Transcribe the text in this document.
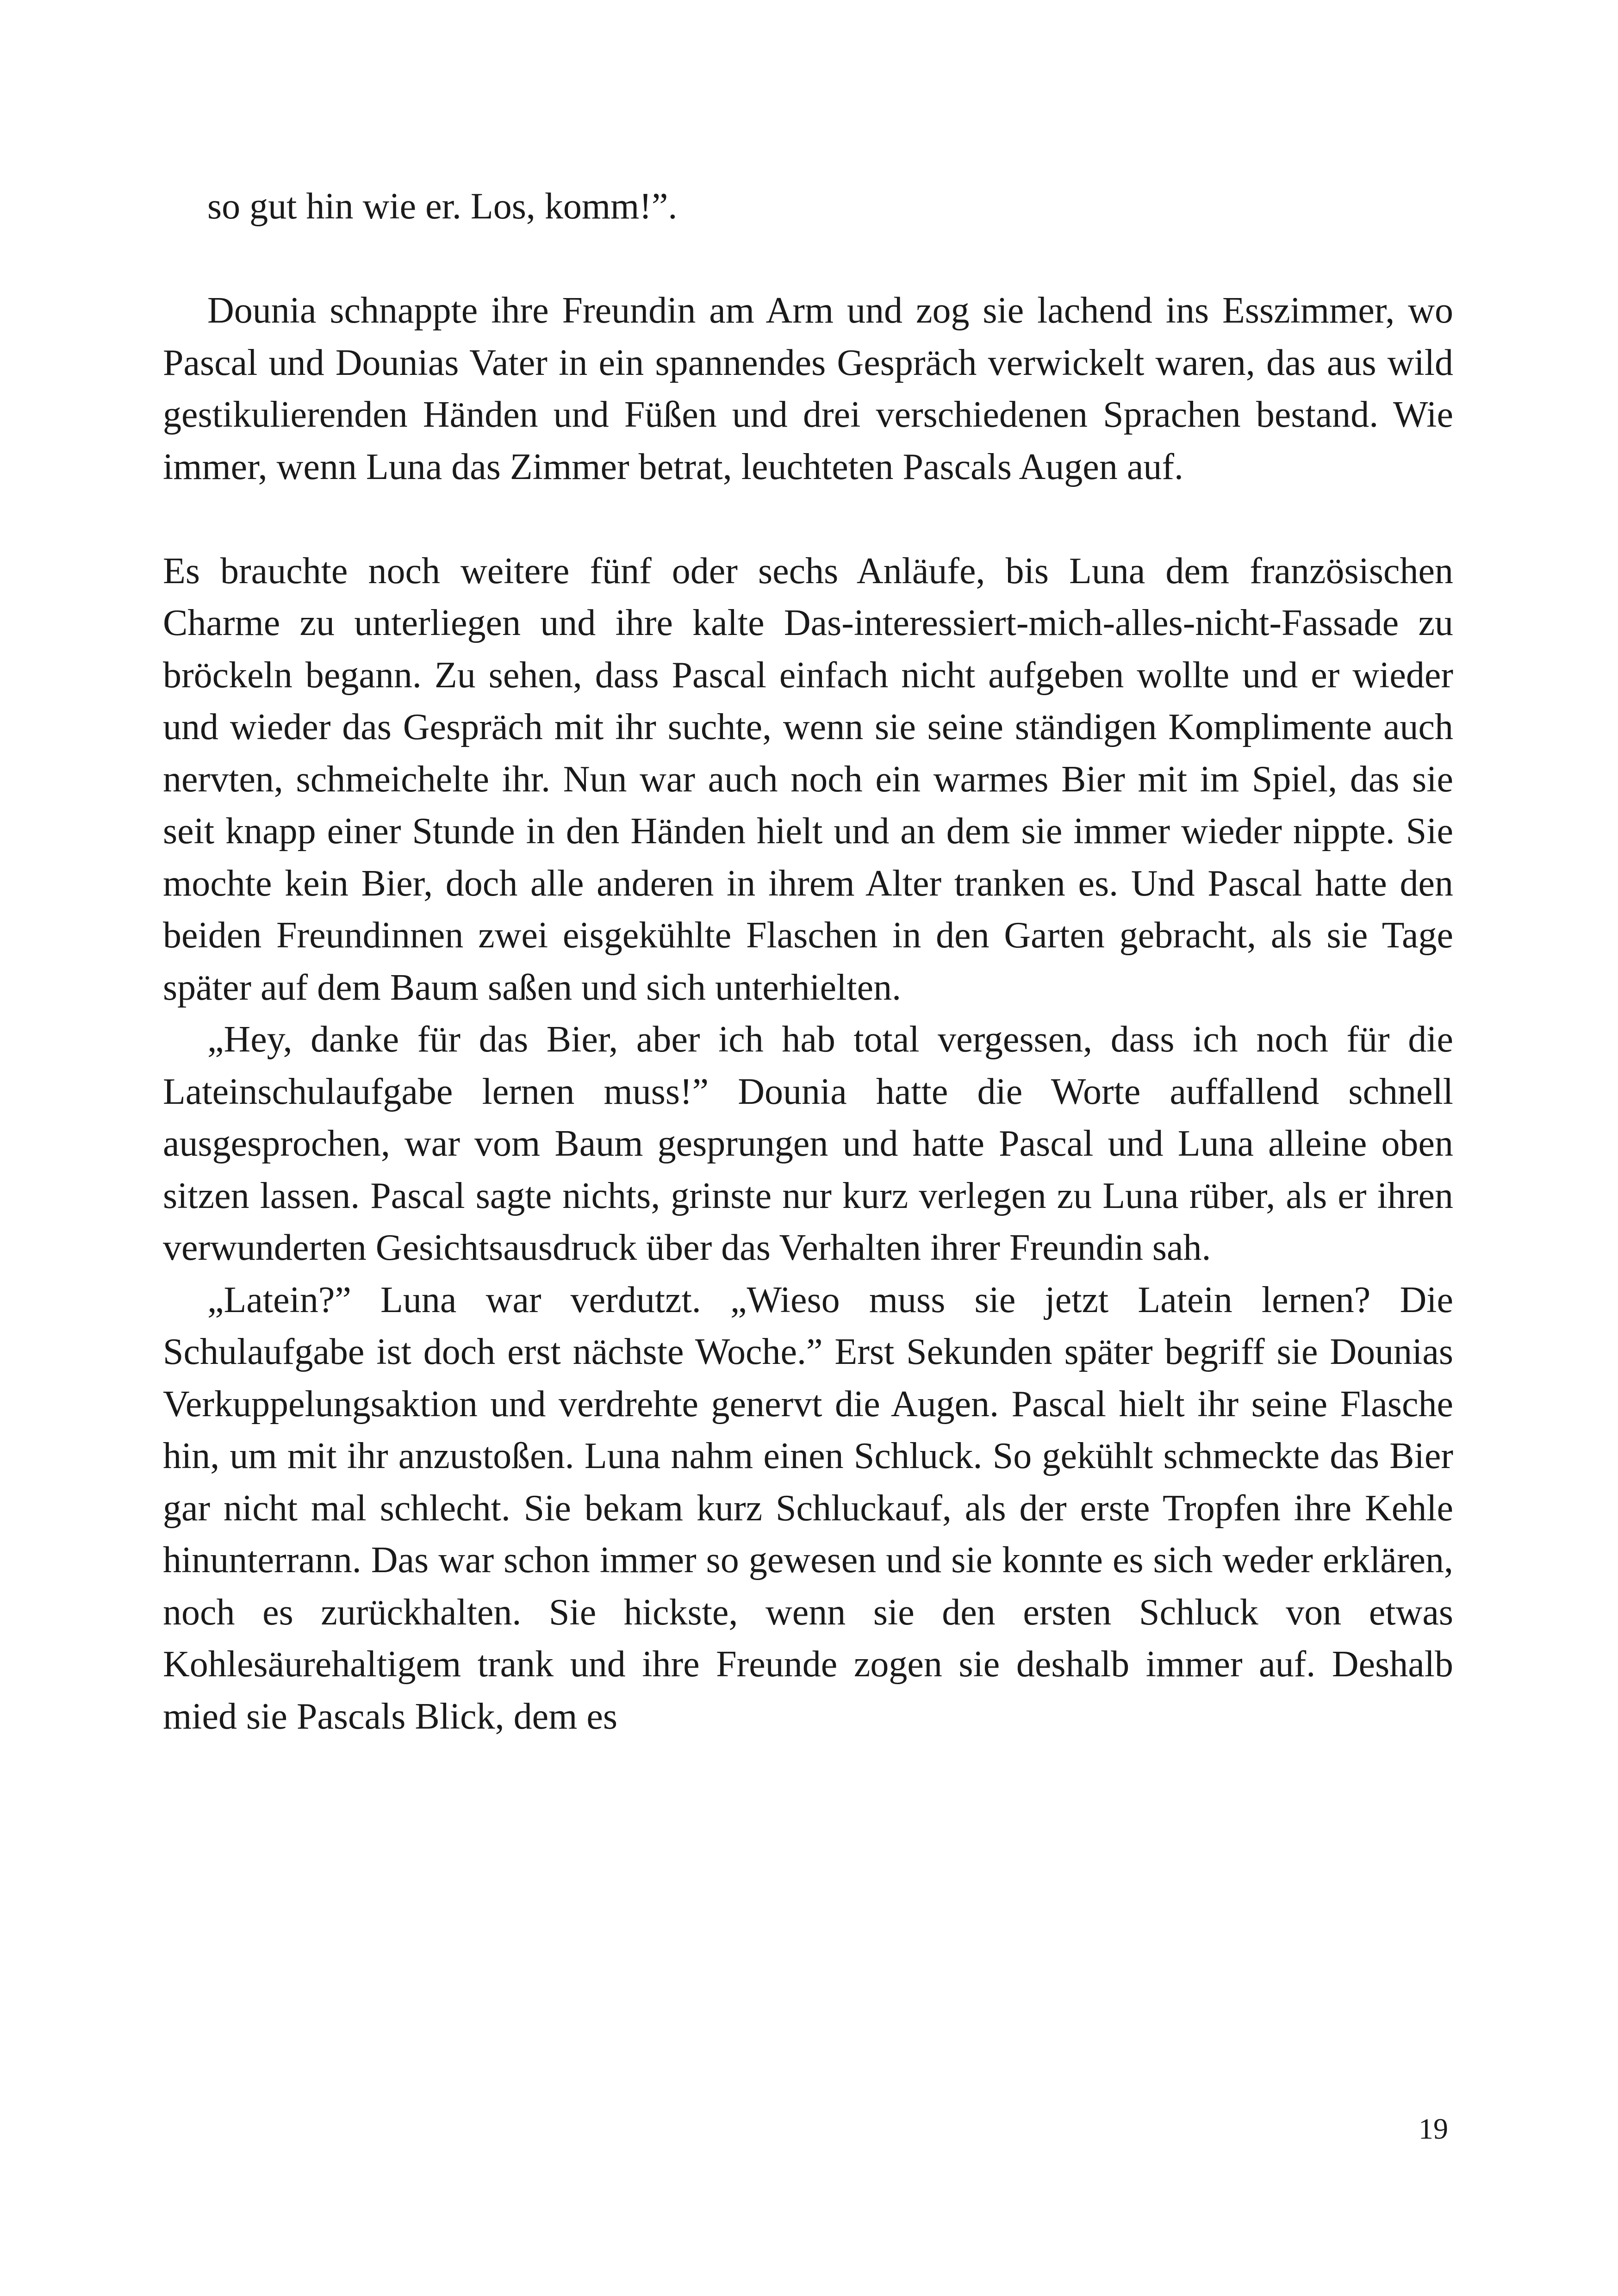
so gut hin wie er. Los, komm!”.

Dounia schnappte ihre Freundin am Arm und zog sie lachend ins Esszimmer, wo Pascal und Dounias Vater in ein spannendes Gespräch verwickelt waren, das aus wild gestikulierenden Händen und Füßen und drei verschiedenen Sprachen bestand. Wie immer, wenn Luna das Zimmer betrat, leuchteten Pascals Augen auf.

Es brauchte noch weitere fünf oder sechs Anläufe, bis Luna dem französischen Charme zu unterliegen und ihre kalte Das-interessiert-mich-alles-nicht-Fassade zu bröckeln begann. Zu sehen, dass Pascal einfach nicht aufgeben wollte und er wieder und wieder das Gespräch mit ihr suchte, wenn sie seine ständigen Komplimente auch nervten, schmeichelte ihr. Nun war auch noch ein warmes Bier mit im Spiel, das sie seit knapp einer Stunde in den Händen hielt und an dem sie immer wieder nippte. Sie mochte kein Bier, doch alle anderen in ihrem Alter tranken es. Und Pascal hatte den beiden Freundinnen zwei eisgekühlte Flaschen in den Garten gebracht, als sie Tage später auf dem Baum saßen und sich unterhielten.

„Hey, danke für das Bier, aber ich hab total vergessen, dass ich noch für die Lateinschulaufgabe lernen muss!” Dounia hatte die Worte auffallend schnell ausgesprochen, war vom Baum gesprungen und hatte Pascal und Luna alleine oben sitzen lassen. Pascal sagte nichts, grinste nur kurz verlegen zu Luna rüber, als er ihren verwunderten Gesichtsausdruck über das Verhalten ihrer Freundin sah.

„Latein?” Luna war verdutzt. „Wieso muss sie jetzt Latein lernen? Die Schulaufgabe ist doch erst nächste Woche.” Erst Sekunden später begriff sie Dounias Verkuppelungsaktion und verdrehte genervt die Augen. Pascal hielt ihr seine Flasche hin, um mit ihr anzustoßen. Luna nahm einen Schluck. So gekühlt schmeckte das Bier gar nicht mal schlecht. Sie bekam kurz Schluckauf, als der erste Tropfen ihre Kehle hinunterrann. Das war schon immer so gewesen und sie konnte es sich weder erklären, noch es zurückhalten. Sie hickste, wenn sie den ersten Schluck von etwas Kohlesäurehaltigem trank und ihre Freunde zogen sie deshalb immer auf. Deshalb mied sie Pascals Blick, dem es

19
